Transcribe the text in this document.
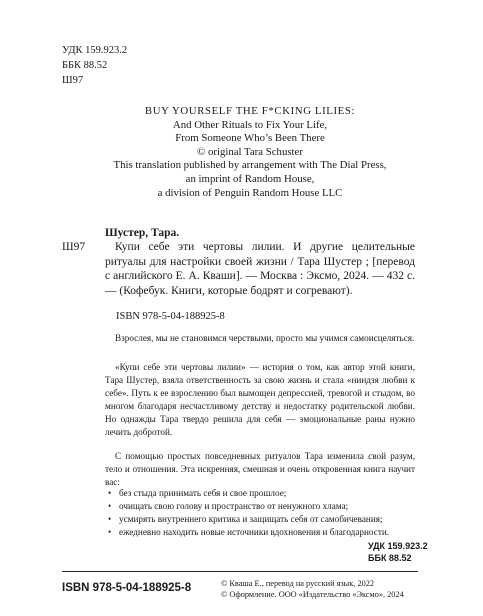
УДК 159.923.2
ББК 88.52
Ш97
BUY YOURSELF THE F*CKING LILIES:
And Other Rituals to Fix Your Life,
From Someone Who’s Been There
© original Tara Schuster
This translation published by arrangement with The Dial Press,
an imprint of Random House,
a division of Penguin Random House LLC
Шустер, Тара.
Ш97	Купи себе эти чертовы лилии. И другие целительные ритуалы для настройки своей жизни / Тара Шустер ; [перевод с английского Е. А. Кваши]. — Москва : Эксмо, 2024. — 432 с. — (Кофебук. Книги, которые бодрят и согревают).
ISBN 978-5-04-188925-8
Взрослея, мы не становимся черствыми, просто мы учимся самоисцеляться.
«Купи себе эти чертовы лилии» — история о том, как автор этой книги, Тара Шустер, взяла ответственность за свою жизнь и стала «ниндзя любви к себе». Путь к ее взрослению был вымощен депрессией, тревогой и стыдом, во многом благодаря несчастливому детству и недостатку родительской любви. Но однажды Тара твердо решила для себя — эмоциональные раны нужно лечить добротой.
С помощью простых повседневных ритуалов Тара изменила свой разум, тело и отношения. Эта искренняя, смешная и очень откровенная книга научит вас:
• без стыда принимать себя и свое прошлое;
• очищать свою голову и пространство от ненужного хлама;
• усмирять внутреннего критика и защищать себя от самобичевания;
• ежедневно находить новые источники вдохновения и благодарности.
УДК 159.923.2
ББК 88.52
ISBN 978-5-04-188925-8	© Кваша Е., перевод на русский язык, 2022
© Оформление. ООО «Издательство «Эксмо», 2024
